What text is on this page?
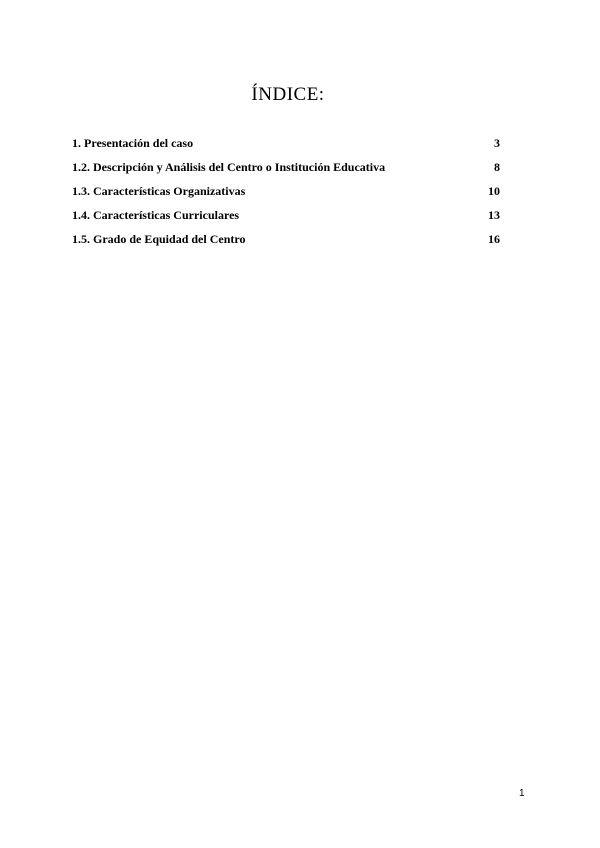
ÍNDICE:
1. Presentación del caso	3
1.2. Descripción y Análisis del Centro o Institución Educativa	8
1.3. Características Organizativas	10
1.4. Características Curriculares	13
1.5. Grado de Equidad del Centro	16
1
